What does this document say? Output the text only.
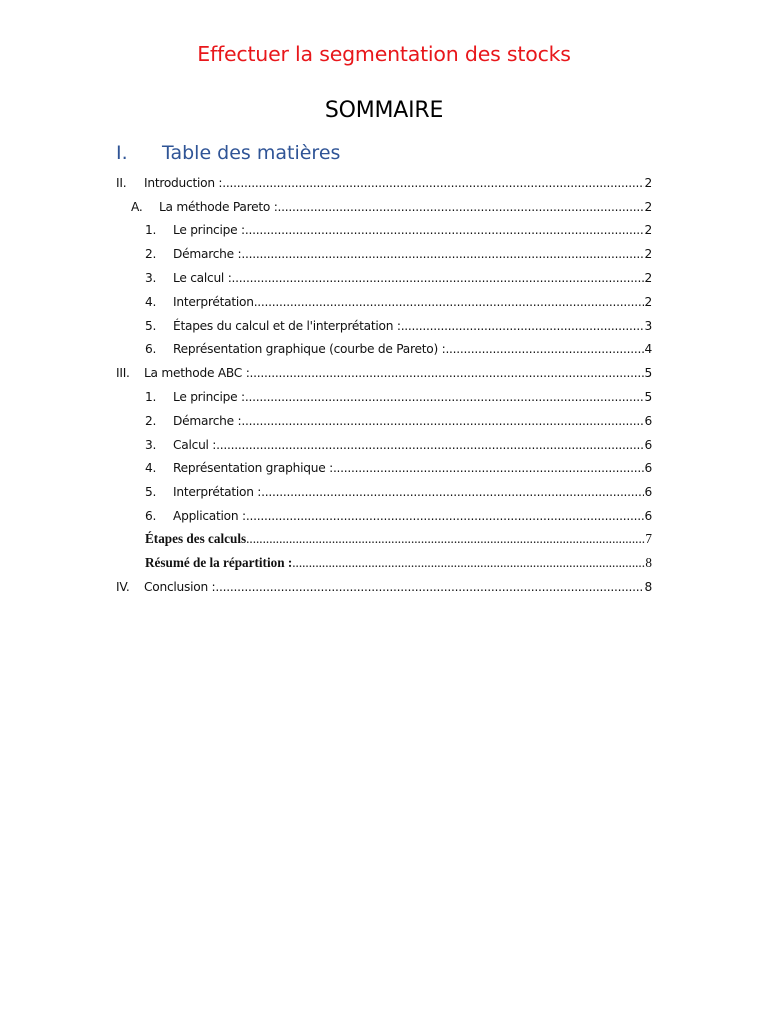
Effectuer la segmentation des stocks
SOMMAIRE
I. Table des matières
II.	Introduction : .....	2
A.	La méthode Pareto : .....	2
1.	Le principe : .....	2
2.	Démarche : .....	2
3.	Le calcul : .....	2
4.	Interprétation .....	2
5.	Étapes du calcul et de l'interprétation : .....	3
6.	Représentation graphique (courbe de Pareto) : .....	4
III.	La methode ABC : .....	5
1.	Le principe : .....	5
2.	Démarche : .....	6
3.	Calcul : .....	6
4.	Représentation graphique : .....	6
5.	Interprétation : .....	6
6.	Application : .....	6
Étapes des calculs .....	7
Résumé de la répartition : .....	8
IV.	Conclusion : .....	8
